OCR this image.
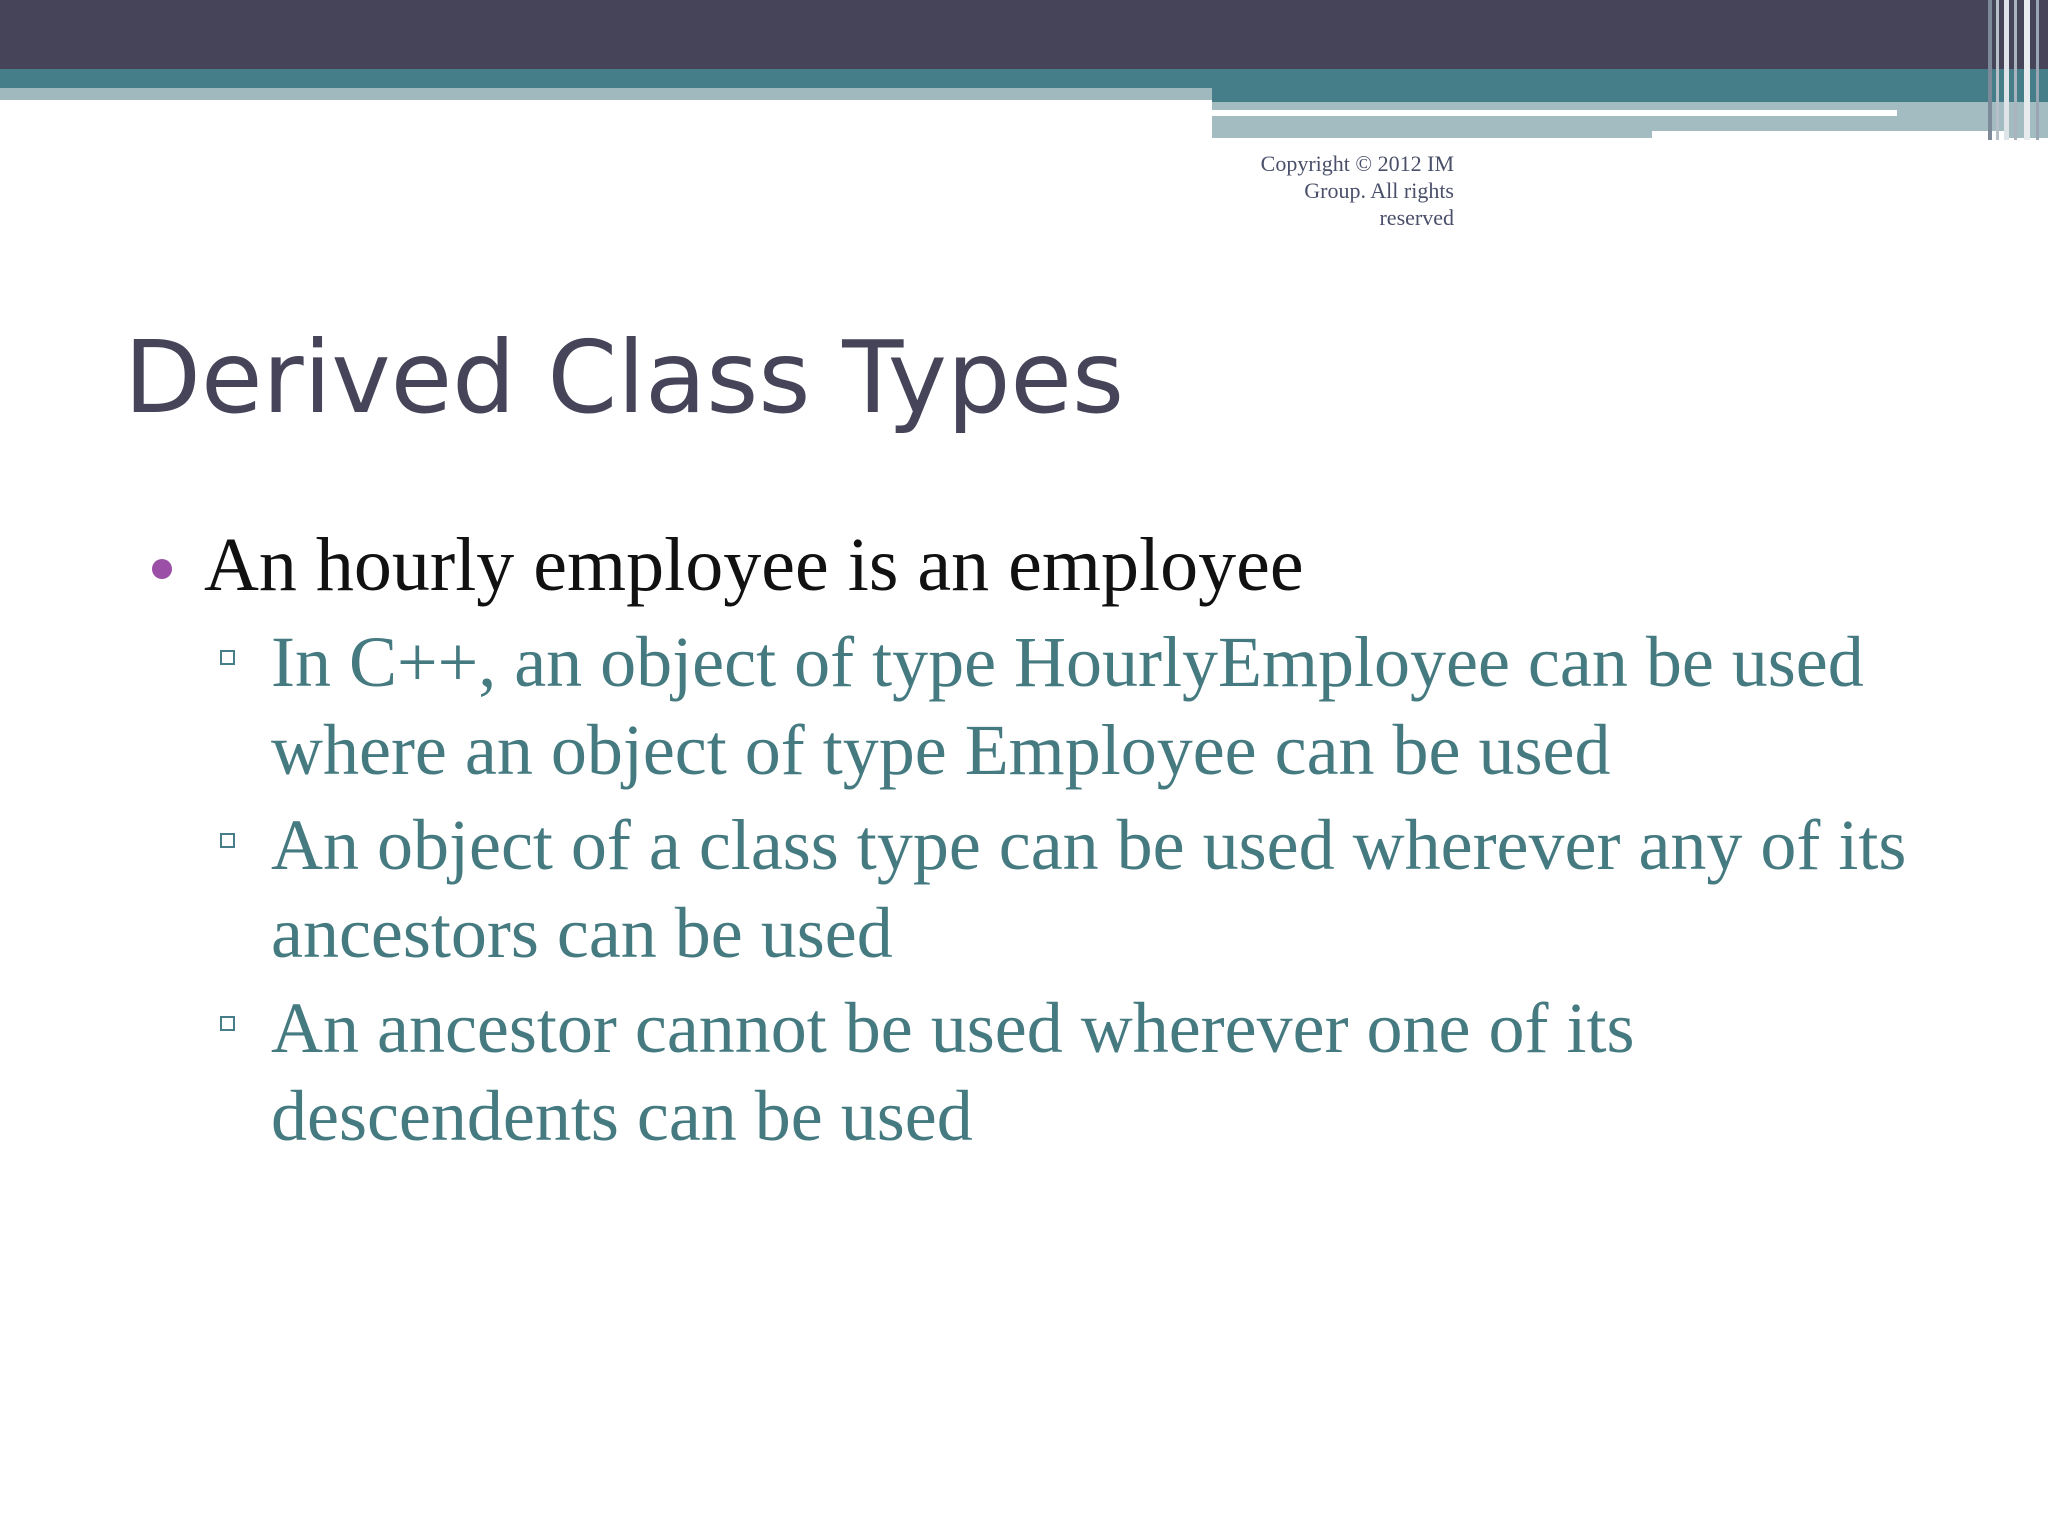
Copyright © 2012 IM
Group. All rights
reserved
Derived Class Types
An hourly employee is an employee
In C++, an object of type HourlyEmployee can be used where an object of type Employee can be used
An object of a class type can be used wherever any of its ancestors can be used
An ancestor cannot be used wherever one of its descendents can be used
